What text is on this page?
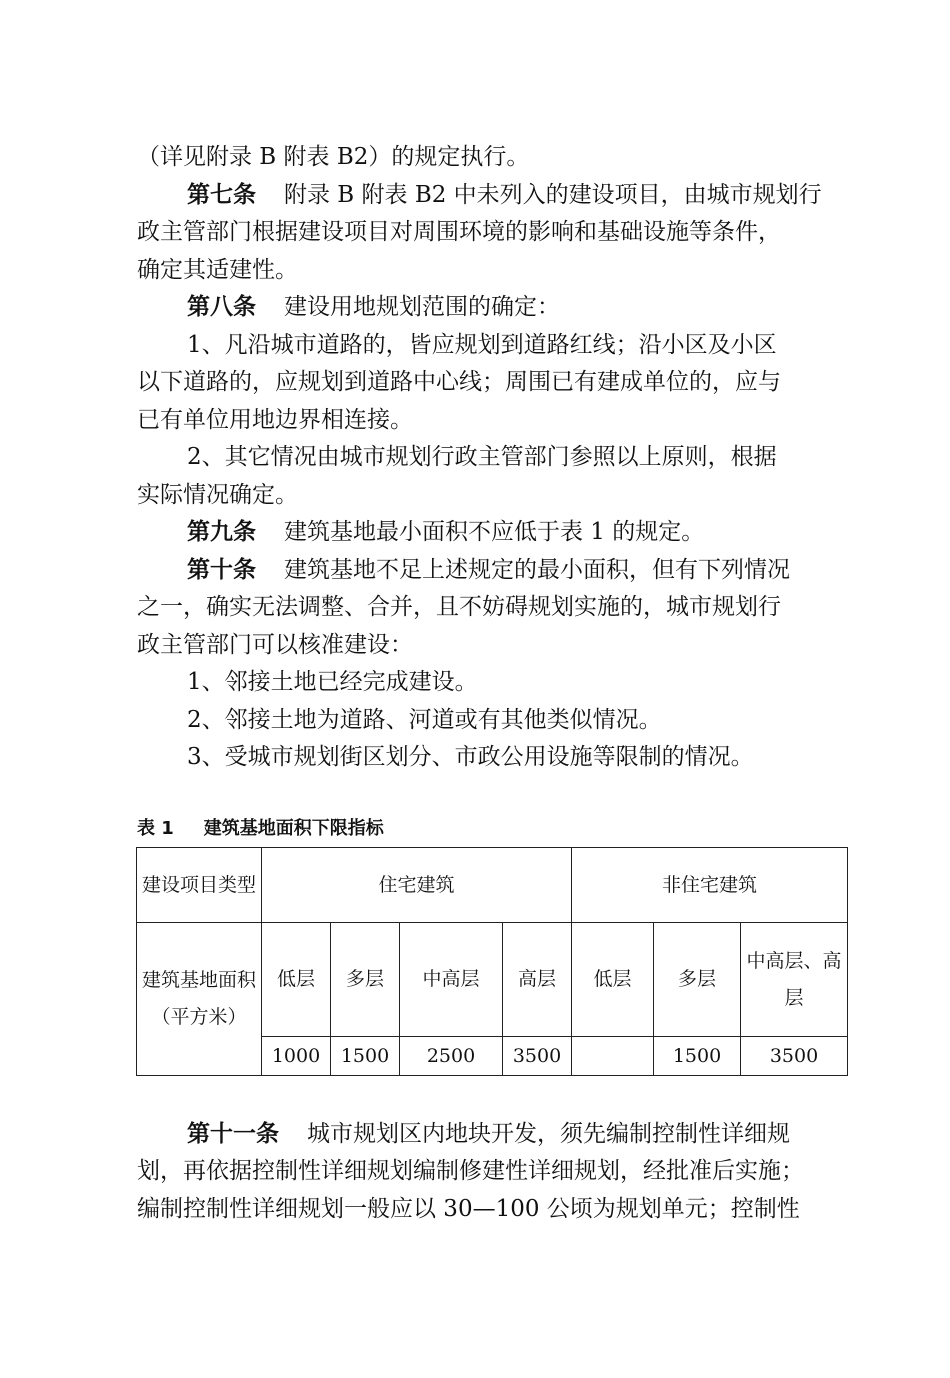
（详见附录 B 附表 B2）的规定执行。
第七条 附录 B 附表 B2 中未列入的建设项目，由城市规划行
政主管部门根据建设项目对周围环境的影响和基础设施等条件，
确定其适建性。
第八条 建设用地规划范围的确定：
1、凡沿城市道路的，皆应规划到道路红线；沿小区及小区
以下道路的，应规划到道路中心线；周围已有建成单位的，应与
已有单位用地边界相连接。
2、其它情况由城市规划行政主管部门参照以上原则，根据
实际情况确定。
第九条 建筑基地最小面积不应低于表 1 的规定。
第十条 建筑基地不足上述规定的最小面积，但有下列情况
之一，确实无法调整、合并，且不妨碍规划实施的，城市规划行
政主管部门可以核准建设：
1、邻接土地已经完成建设。
2、邻接土地为道路、河道或有其他类似情况。
3、受城市规划街区划分、市政公用设施等限制的情况。
表 1 建筑基地面积下限指标
建设项目类型	住宅建筑				非住宅建筑		
建筑基地面积（平方米）	低层	多层	中高层	高层	低层	多层	中高层、高层
	1000	1500	2500	3500		1500	3500
第十一条 城市规划区内地块开发，须先编制控制性详细规
划，再依据控制性详细规划编制修建性详细规划，经批准后实施；
编制控制性详细规划一般应以 30—100 公顷为规划单元；控制性
